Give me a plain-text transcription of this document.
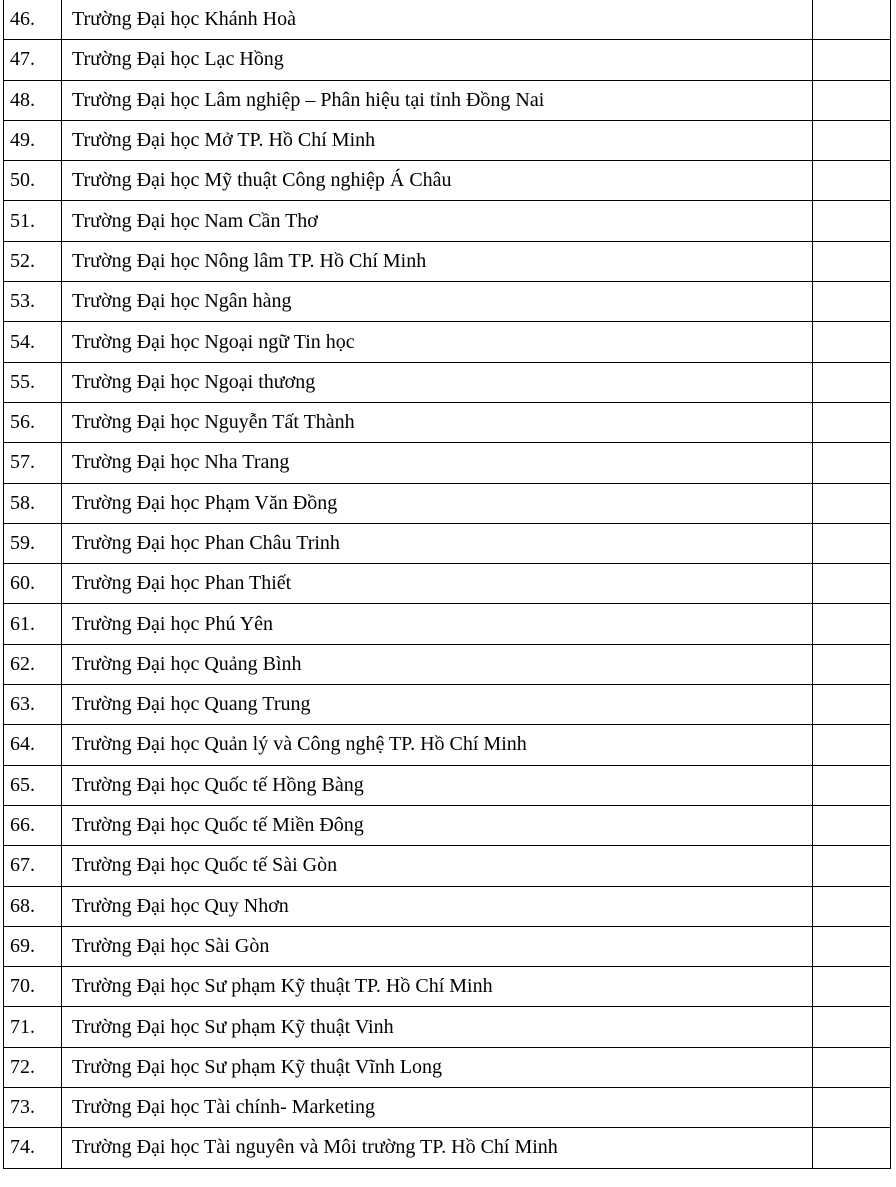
46.	Trường Đại học Khánh Hoà	
47.	Trường Đại học Lạc Hồng	
48.	Trường Đại học Lâm nghiệp – Phân hiệu tại tỉnh Đồng Nai	
49.	Trường Đại học Mở TP. Hồ Chí Minh	
50.	Trường Đại học Mỹ thuật Công nghiệp Á Châu	
51.	Trường Đại học Nam Cần Thơ	
52.	Trường Đại học Nông lâm TP. Hồ Chí Minh	
53.	Trường Đại học Ngân hàng	
54.	Trường Đại học Ngoại ngữ Tin học	
55.	Trường Đại học Ngoại thương	
56.	Trường Đại học Nguyễn Tất Thành	
57.	Trường Đại học Nha Trang	
58.	Trường Đại học Phạm Văn Đồng	
59.	Trường Đại học Phan Châu Trinh	
60.	Trường Đại học Phan Thiết	
61.	Trường Đại học Phú Yên	
62.	Trường Đại học Quảng Bình	
63.	Trường Đại học Quang Trung	
64.	Trường Đại học Quản lý và Công nghệ TP. Hồ Chí Minh	
65.	Trường Đại học Quốc tế Hồng Bàng	
66.	Trường Đại học Quốc tế Miền Đông	
67.	Trường Đại học Quốc tế Sài Gòn	
68.	Trường Đại học Quy Nhơn	
69.	Trường Đại học Sài Gòn	
70.	Trường Đại học Sư phạm Kỹ thuật TP. Hồ Chí Minh	
71.	Trường Đại học Sư phạm Kỹ thuật Vinh	
72.	Trường Đại học Sư phạm Kỹ thuật Vĩnh Long	
73.	Trường Đại học Tài chính- Marketing	
74.	Trường Đại học Tài nguyên và Môi trường TP. Hồ Chí Minh	
